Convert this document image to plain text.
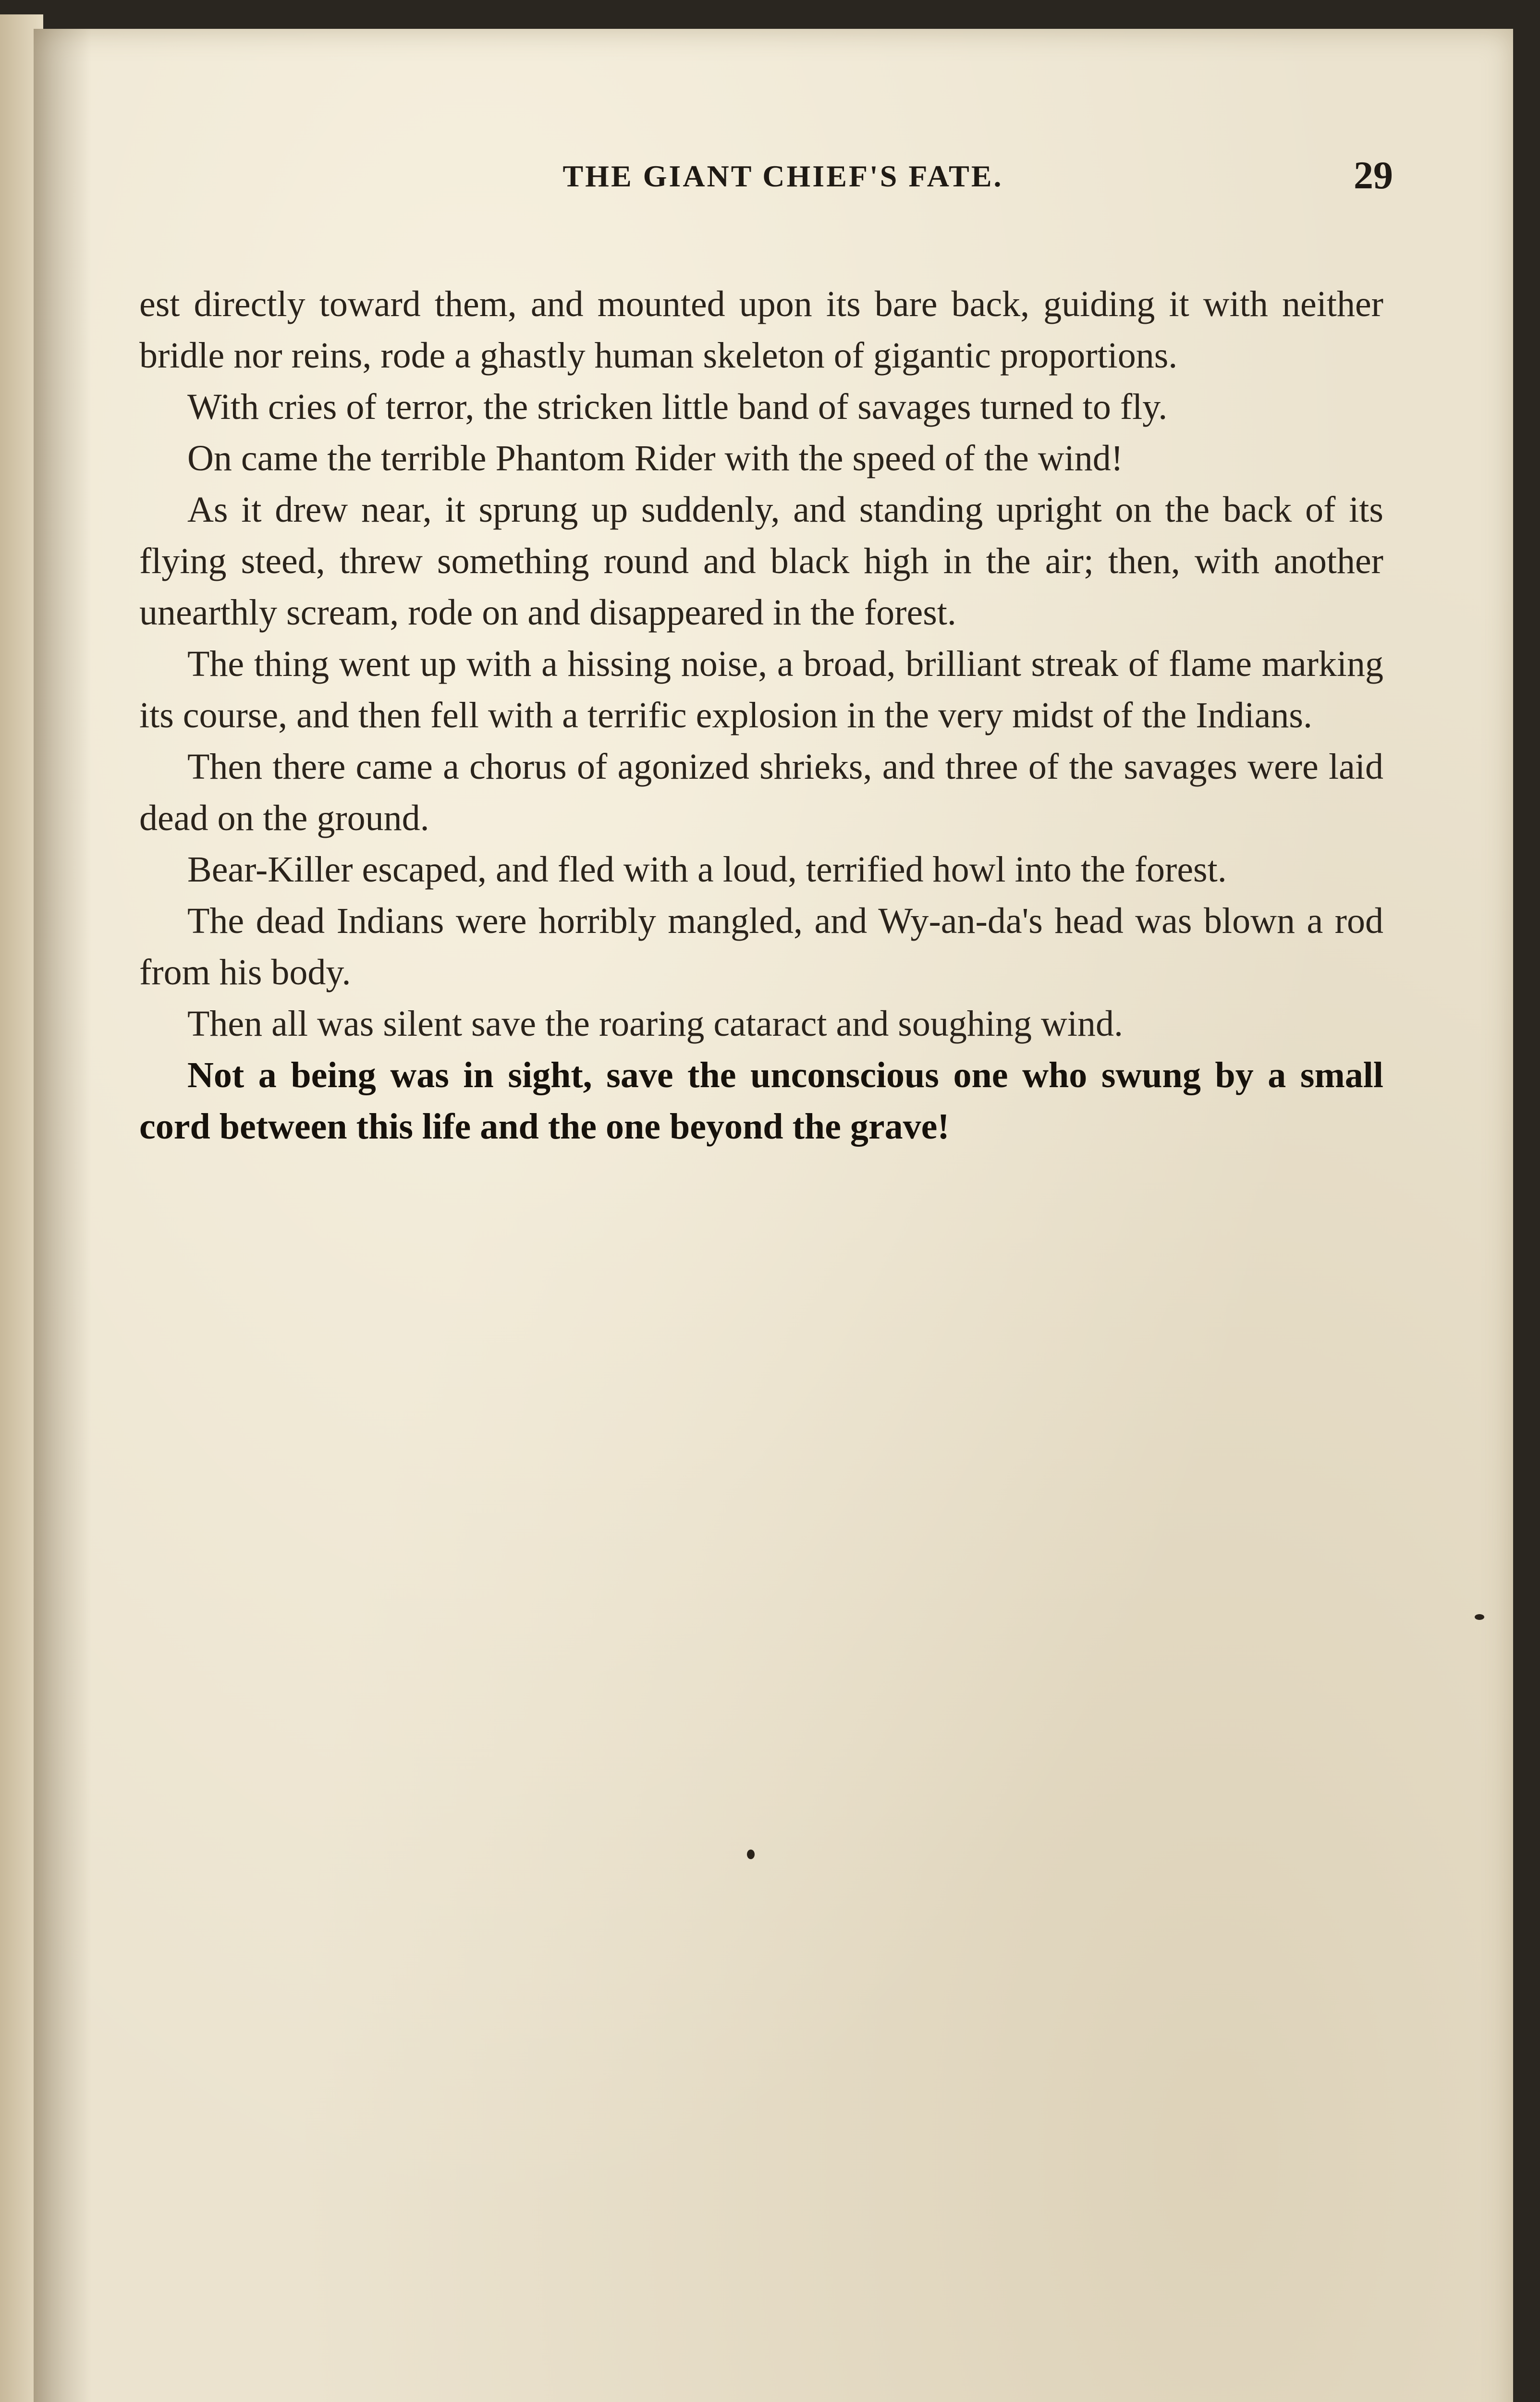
THE GIANT CHIEF'S FATE.	29

est directly toward them, and mounted upon its bare back, guiding it with neither bridle nor reins, rode a ghastly human skeleton of gigantic proportions.

With cries of terror, the stricken little band of savages turned to fly.

On came the terrible Phantom Rider with the speed of the wind!

As it drew near, it sprung up suddenly, and standing upright on the back of its flying steed, threw something round and black high in the air; then, with another unearthly scream, rode on and disappeared in the forest.

The thing went up with a hissing noise, a broad, brilliant streak of flame marking its course, and then fell with a terrific explosion in the very midst of the Indians.

Then there came a chorus of agonized shrieks, and three of the savages were laid dead on the ground.

Bear-Killer escaped, and fled with a loud, terrified howl into the forest.

The dead Indians were horribly mangled, and Wy-an-da's head was blown a rod from his body.

Then all was silent save the roaring cataract and soughing wind.

Not a being was in sight, save the unconscious one who swung by a small cord between this life and the one beyond the grave!
